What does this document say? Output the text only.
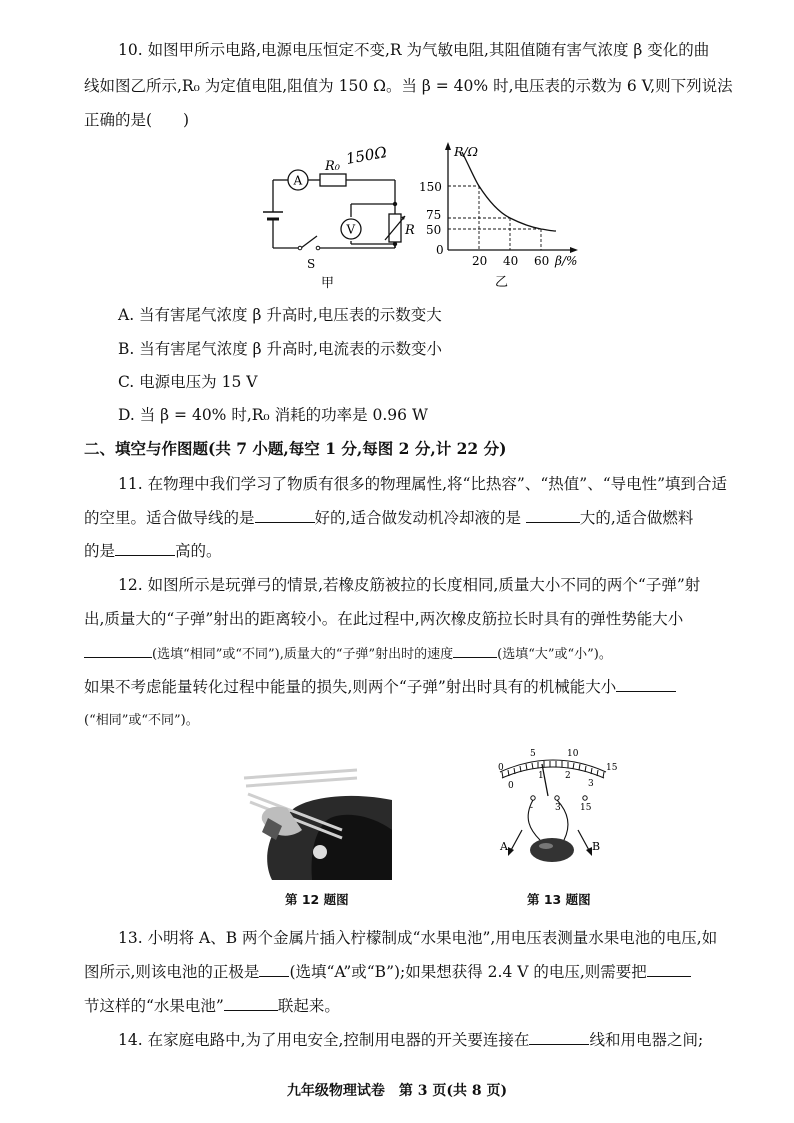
10. 如图甲所示电路,电源电压恒定不变,R 为气敏电阻,其阻值随有害气浓度 β 变化的曲
线如图乙所示,R₀ 为定值电阻,阻值为 150 Ω。当 β = 40% 时,电压表的示数为 6 V,则下列说法
正确的是(　　)
A
V
R₀ 150Ω
R
S
甲
R/Ω
150
75
50
0
20 40 60 β/%
乙
A. 当有害尾气浓度 β 升高时,电压表的示数变大
B. 当有害尾气浓度 β 升高时,电流表的示数变小
C. 电源电压为 15 V
D. 当 β = 40% 时,R₀ 消耗的功率是 0.96 W
二、填空与作图题(共 7 小题,每空 1 分,每图 2 分,计 22 分)
11. 在物理中我们学习了物质有很多的物理属性,将“比热容”、“热值”、“导电性”填到合适
的空里。适合做导线的是	好的,适合做发动机冷却液的是	大的,适合做燃料
的是	高的。
12. 如图所示是玩弹弓的情景,若橡皮筋被拉的长度相同,质量大小不同的两个“子弹”射
出,质量大的“子弹”射出的距离较小。在此过程中,两次橡皮筋拉长时具有的弹性势能大小
(选填“相同”或“不同”),质量大的“子弹”射出时的速度	(选填“大”或“小”)。
如果不考虑能量转化过程中能量的损失,则两个“子弹”射出时具有的机械能大小
(“相同”或“不同”)。
第 12 题图
0
5	10
15
0
1 2
3
- 3 15
A	B
第 13 题图
13. 小明将 A、B 两个金属片插入柠檬制成“水果电池”,用电压表测量水果电池的电压,如
图所示,则该电池的正极是 (选填“A”或“B”);如果想获得 2.4 V 的电压,则需要把
节这样的“水果电池”	联起来。
14. 在家庭电路中,为了用电安全,控制用电器的开关要连接在	线和用电器之间;
九年级物理试卷　第 3 页(共 8 页)
